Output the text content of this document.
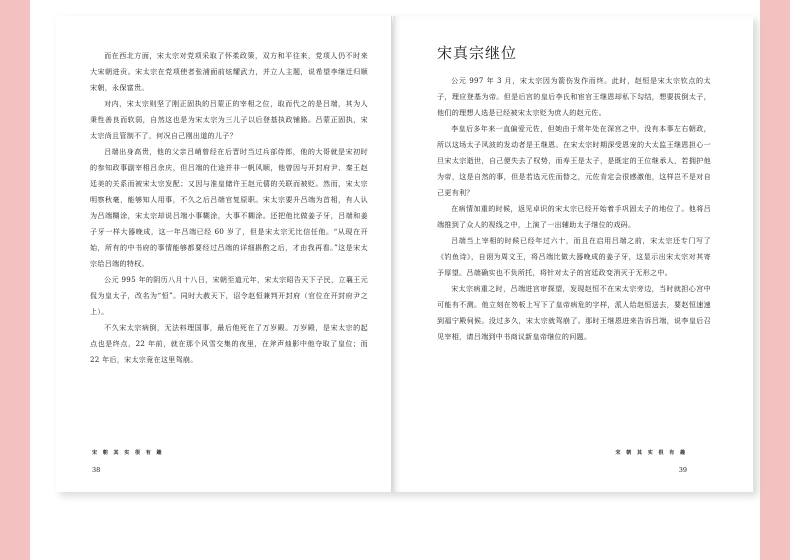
而在西北方面，宋太宗对党项采取了怀柔政策，双方和平往来，党项人仍不时来大宋朝进贡。宋太宗在党项使者张浦面前炫耀武力，并立人主题，说希望李继迁归顺宋朝，永保富贵。

对内，宋太宗则坚了刚正固执的吕蒙正的宰相之位，取而代之的是吕端，其为人秉性善良而软弱，自然这也是为宋太宗为三儿子以后登基执政铺路。吕蒙正固执，宋太宗尚且管制不了，何况自己刚出道的儿子？

吕端出身高贵，他的父亲吕峭曾经在后晋时当过兵部侍郎，他的大哥就是宋初时的参知政事副宰相吕余庆，但吕端的仕途并非一帆风顺，他曾因与开封府尹、秦王赵廷美的关系而被宋太宗发配；又因与准皇储许王赵元僖的关联而被贬。然而，宋太宗明察秋毫，能够知人用事，不久之后吕端官复原职。宋太宗要升吕端为首相，有人认为吕端糊涂，宋太宗却说吕端小事糊涂，大事不糊涂。还把他比做姜子牙，吕端和姜子牙一样大器晚成，这一年吕端已经 60 岁了，但是宋太宗无比信任他。“从现在开始，所有的中书府的事情能够都要经过吕端的详细斟酌之后，才由我再看。”这是宋太宗给吕端的特权。

公元 995 年的阴历八月十八日，宋朝至道元年，宋太宗昭告天下子民，立襄王元侃为皇太子，改名为“恒”。同时大赦天下，诏令赵恒兼判开封府（官位在开封府尹之上）。

不久宋太宗病倒，无法料理国事，最后他死在了万岁殿。万岁殿，是宋太宗的起点也是终点，22 年前，就在那个风雪交集的夜里，在斧声烛影中他夺取了皇位；而 22 年后，宋太宗竟在这里驾崩。

宋 朝 其 实 很 有 趣
38
宋真宗继位

公元 997 年 3 月，宋太宗因为箭伤发作而终。此时，赵恒是宋太宗钦点的太子，理应登基为帝。但是后宫的皇后李氏和宦官王继恩却私下勾结，想要拔倒太子，他们的理想人选是已经被宋太宗贬为庶人的赵元佐。

李皇后多年来一直偏爱元佐，但她由于常年处在深宫之中，没有本事左右朝政，所以这场太子风波的发动者是王继恩。在宋太宗时期深受恩宠的大太监王继恩担心一旦宋太宗逝世，自己便失去了权势，而寿王是太子，是既定的王位继承人，若拥护他为帝，这是自然的事，但是若选元佐而替之，元佐肯定会很感激他，这样岂不是对自己更有利？

在病情加重的时候，返见卓识的宋太宗已经开始着手巩固太子的地位了。他将吕端推到了众人的视线之中，上演了一出辅助太子继位的戏码。

吕端当上宰相的时候已经年过六十，而且在启用吕端之前，宋太宗还专门写了《钓鱼诗》，自诩为周文王，将吕端比做大器晚成的姜子牙，这显示出宋太宗对其寄予厚望。吕端确实也不负所托，将针对太子的宫廷政变消灭于无形之中。

宋太宗病重之时，吕端进宫审探望，发现赵恒不在宋太宗旁边，当时就担心宫中可能有不测。他立刻在笏板上写下了皇帝病危的字样，派人给赵恒送去，要赵恒速速到福宁殿伺候。没过多久，宋太宗就驾崩了。那时王继恩进来告诉吕端，说李皇后召见宰相，请吕端到中书商议新皇帝继位的问题。

宋 朝 其 实 很 有 趣
39
